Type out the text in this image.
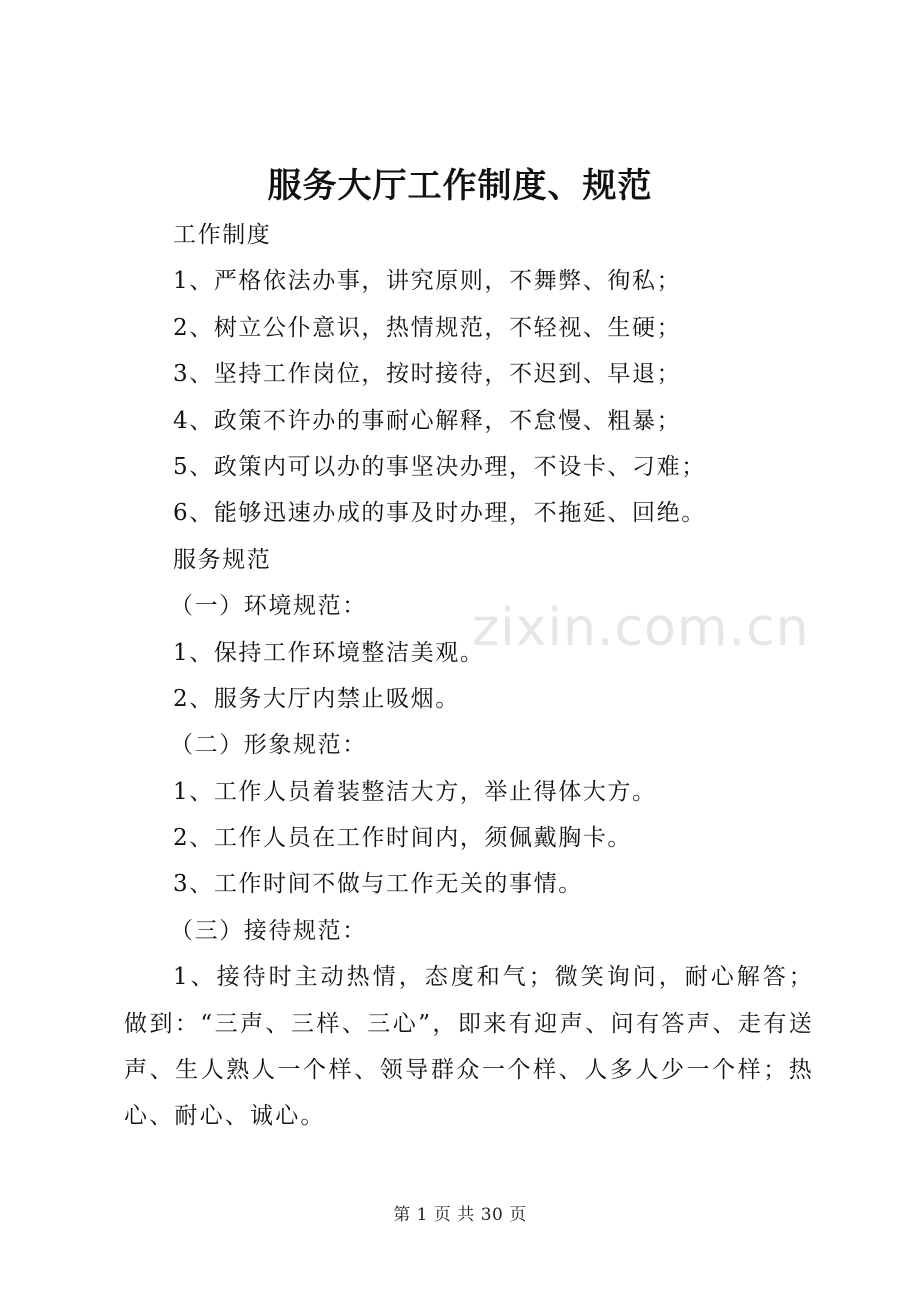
服务大厅工作制度、规范

工作制度

1、严格依法办事，讲究原则，不舞弊、徇私；

2、树立公仆意识，热情规范，不轻视、生硬；

3、坚持工作岗位，按时接待，不迟到、早退；

4、政策不许办的事耐心解释，不怠慢、粗暴；

5、政策内可以办的事坚决办理，不设卡、刁难；

6、能够迅速办成的事及时办理，不拖延、回绝。

服务规范

（一）环境规范：

1、保持工作环境整洁美观。

2、服务大厅内禁止吸烟。

（二）形象规范：

1、工作人员着装整洁大方，举止得体大方。

2、工作人员在工作时间内，须佩戴胸卡。

3、工作时间不做与工作无关的事情。

（三）接待规范：

1、接待时主动热情，态度和气；微笑询问，耐心解答；做到：“三声、三样、三心”，即来有迎声、问有答声、走有送声、生人熟人一个样、领导群众一个样、人多人少一个样；热心、耐心、诚心。

zixin.com.cn
第 1 页 共 30 页
